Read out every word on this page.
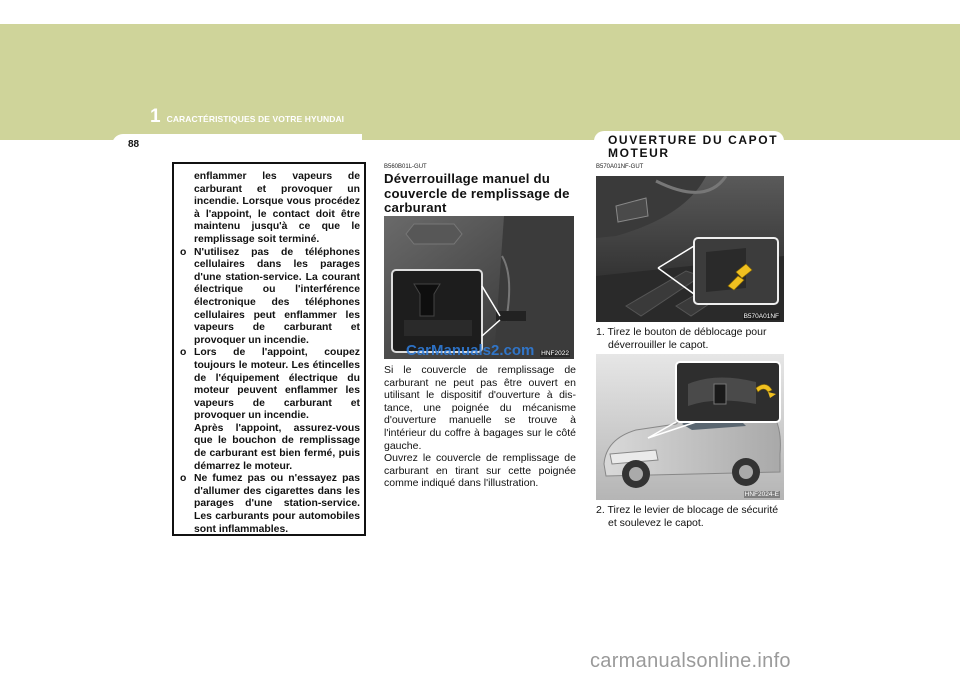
1 CARACTÉRISTIQUES DE VOTRE HYUNDAI
88	OUVERTURE DU CAPOT MOTEUR

enflammer les vapeurs de carburant et provoquer un incendie. Lorsque vous procédez à l'appoint, le contact doit être maintenu jusqu'à ce que le remplissage soit terminé.

o N'utilisez pas de téléphones cellulaires dans les parages d'une station-service. La courant électrique ou l'interférence électronique des téléphones cellulaires peut enflammer les vapeurs de carburant et provoquer un incendie.
o Lors de l'appoint, coupez toujours le moteur. Les étincelles de l'équipement électrique du moteur peuvent enflammer les vapeurs de carburant et provoquer un incendie.

Après l'appoint, assurez-vous que le bouchon de remplissage de carburant est bien fermé, puis démarrez le moteur.

o Ne fumez pas ou n'essayez pas d'allumer des cigarettes dans les parages d'une station-service. Les carburants pour automobiles sont inflammables.
B560B01L-GUT
Déverrouillage manuel du couvercle de remplissage de carburant
HNF2022
CarManuals2.com

Si le couvercle de remplissage de carburant ne peut pas être ouvert en utilisant le dispositif d'ouverture à dis-tance, une poignée du mécanisme d'ouverture manuelle se trouve à l'intérieur du coffre à bagages sur le côté gauche.

Ouvrez le couvercle de remplissage de carburant en tirant sur cette poignée comme indiqué dans l'illustration.

B570A01NF-GUT
B570A01NF
1. Tirez le bouton de déblocage pour
déverrouiller le capot.
HNF2024-E
2. Tirez le levier de blocage de sécurité
et soulevez le capot.
carmanualsonline.info
